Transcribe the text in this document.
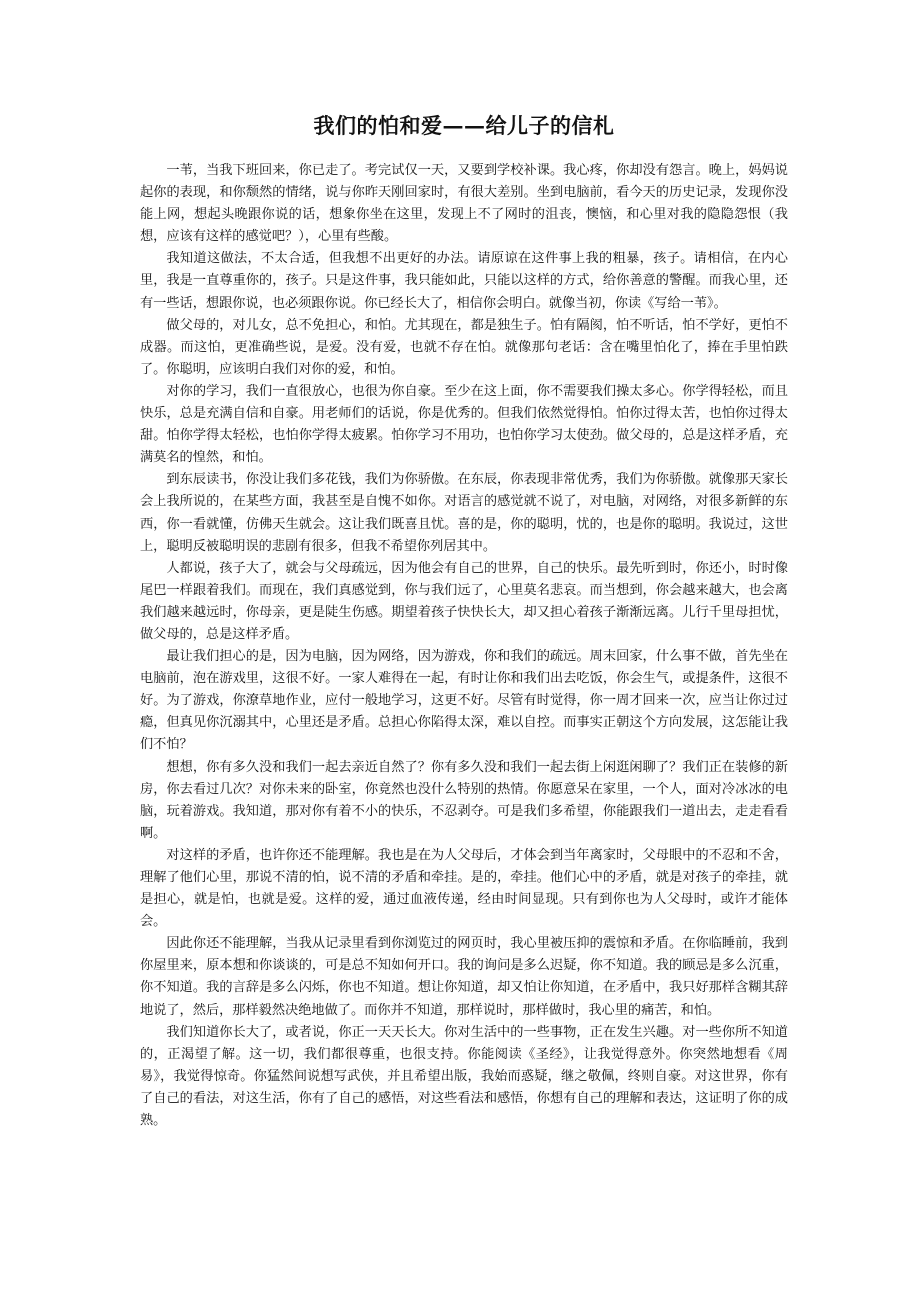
我们的怕和爱——给儿子的信札

一苇，当我下班回来，你已走了。考完试仅一天，又要到学校补课。我心疼，你却没有怨言。晚上，妈妈说起你的表现，和你颓然的情绪，说与你昨天刚回家时，有很大差别。坐到电脑前，看今天的历史记录，发现你没能上网，想起头晚跟你说的话，想象你坐在这里，发现上不了网时的沮丧，懊恼，和心里对我的隐隐怨恨（我想，应该有这样的感觉吧？），心里有些酸。

我知道这做法，不太合适，但我想不出更好的办法。请原谅在这件事上我的粗暴，孩子。请相信，在内心里，我是一直尊重你的，孩子。只是这件事，我只能如此，只能以这样的方式，给你善意的警醒。而我心里，还有一些话，想跟你说，也必须跟你说。你已经长大了，相信你会明白。就像当初，你读《写给一苇》。

做父母的，对儿女，总不免担心，和怕。尤其现在，都是独生子。怕有隔阂，怕不听话，怕不学好，更怕不成器。而这怕，更准确些说，是爱。没有爱，也就不存在怕。就像那句老话：含在嘴里怕化了，捧在手里怕跌了。你聪明，应该明白我们对你的爱，和怕。

对你的学习，我们一直很放心，也很为你自豪。至少在这上面，你不需要我们操太多心。你学得轻松，而且快乐，总是充满自信和自豪。用老师们的话说，你是优秀的。但我们依然觉得怕。怕你过得太苦，也怕你过得太甜。怕你学得太轻松，也怕你学得太疲累。怕你学习不用功，也怕你学习太使劲。做父母的，总是这样矛盾，充满莫名的惶然，和怕。

到东辰读书，你没让我们多花钱，我们为你骄傲。在东辰，你表现非常优秀，我们为你骄傲。就像那天家长会上我所说的，在某些方面，我甚至是自愧不如你。对语言的感觉就不说了，对电脑，对网络，对很多新鲜的东西，你一看就懂，仿佛天生就会。这让我们既喜且忧。喜的是，你的聪明，忧的，也是你的聪明。我说过，这世上，聪明反被聪明误的悲剧有很多，但我不希望你列居其中。

人都说，孩子大了，就会与父母疏远，因为他会有自己的世界，自己的快乐。最先听到时，你还小，时时像尾巴一样跟着我们。而现在，我们真感觉到，你与我们远了，心里莫名悲哀。而当想到，你会越来越大，也会离我们越来越远时，你母亲，更是陡生伤感。期望着孩子快快长大，却又担心着孩子渐渐远离。儿行千里母担忧，做父母的，总是这样矛盾。

最让我们担心的是，因为电脑，因为网络，因为游戏，你和我们的疏远。周末回家，什么事不做，首先坐在电脑前，泡在游戏里，这很不好。一家人难得在一起，有时让你和我们出去吃饭，你会生气，或提条件，这很不好。为了游戏，你潦草地作业，应付一般地学习，这更不好。尽管有时觉得，你一周才回来一次，应当让你过过瘾，但真见你沉溺其中，心里还是矛盾。总担心你陷得太深，难以自控。而事实正朝这个方向发展，这怎能让我们不怕？

想想，你有多久没和我们一起去亲近自然了？你有多久没和我们一起去街上闲逛闲聊了？我们正在装修的新房，你去看过几次？对你未来的卧室，你竟然也没什么特别的热情。你愿意呆在家里，一个人，面对冷冰冰的电脑，玩着游戏。我知道，那对你有着不小的快乐，不忍剥夺。可是我们多希望，你能跟我们一道出去，走走看看啊。

对这样的矛盾，也许你还不能理解。我也是在为人父母后，才体会到当年离家时，父母眼中的不忍和不舍，理解了他们心里，那说不清的怕，说不清的矛盾和牵挂。是的，牵挂。他们心中的矛盾，就是对孩子的牵挂，就是担心，就是怕，也就是爱。这样的爱，通过血液传递，经由时间显现。只有到你也为人父母时，或许才能体会。

因此你还不能理解，当我从记录里看到你浏览过的网页时，我心里被压抑的震惊和矛盾。在你临睡前，我到你屋里来，原本想和你谈谈的，可是总不知如何开口。我的询问是多么迟疑，你不知道。我的顾忌是多么沉重，你不知道。我的言辞是多么闪烁，你也不知道。想让你知道，却又怕让你知道，在矛盾中，我只好那样含糊其辞地说了，然后，那样毅然决绝地做了。而你并不知道，那样说时，那样做时，我心里的痛苦，和怕。

我们知道你长大了，或者说，你正一天天长大。你对生活中的一些事物，正在发生兴趣。对一些你所不知道的，正渴望了解。这一切，我们都很尊重，也很支持。你能阅读《圣经》，让我觉得意外。你突然地想看《周易》，我觉得惊奇。你猛然间说想写武侠，并且希望出版，我始而惑疑，继之敬佩，终则自豪。对这世界，你有了自己的看法，对这生活，你有了自己的感悟，对这些看法和感悟，你想有自己的理解和表达，这证明了你的成熟。
